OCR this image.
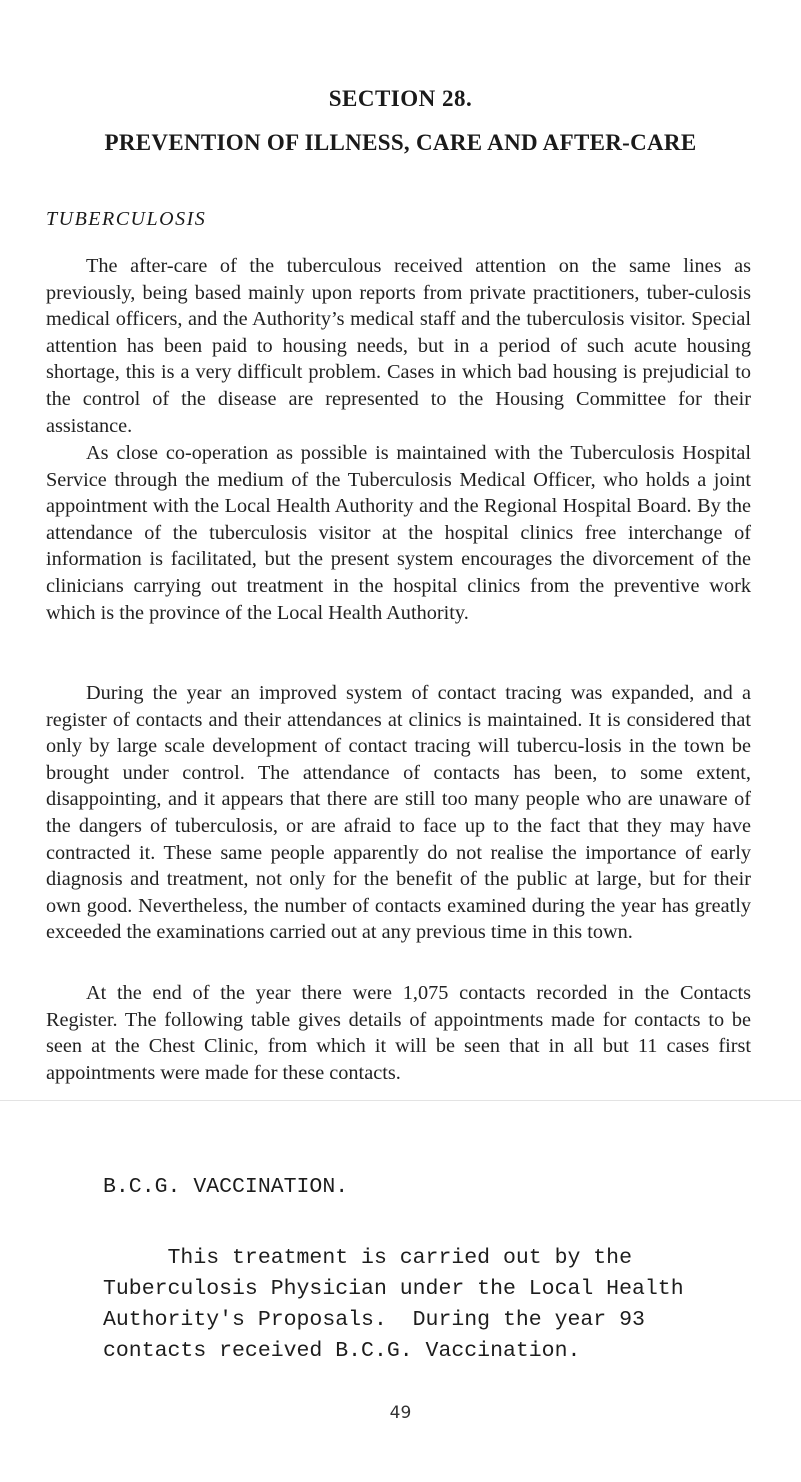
SECTION 28.
PREVENTION OF ILLNESS, CARE AND AFTER-CARE
TUBERCULOSIS

The after-care of the tuberculous received attention on the same lines as previously, being based mainly upon reports from private practitioners, tuber-culosis medical officers, and the Authority’s medical staff and the tuberculosis visitor. Special attention has been paid to housing needs, but in a period of such acute housing shortage, this is a very difficult problem. Cases in which bad housing is prejudicial to the control of the disease are represented to the Housing Committee for their assistance.

As close co-operation as possible is maintained with the Tuberculosis Hospital Service through the medium of the Tuberculosis Medical Officer, who holds a joint appointment with the Local Health Authority and the Regional Hospital Board. By the attendance of the tuberculosis visitor at the hospital clinics free interchange of information is facilitated, but the present system encourages the divorcement of the clinicians carrying out treatment in the hospital clinics from the preventive work which is the province of the Local Health Authority.

During the year an improved system of contact tracing was expanded, and a register of contacts and their attendances at clinics is maintained. It is considered that only by large scale development of contact tracing will tubercu-losis in the town be brought under control. The attendance of contacts has been, to some extent, disappointing, and it appears that there are still too many people who are unaware of the dangers of tuberculosis, or are afraid to face up to the fact that they may have contracted it. These same people apparently do not realise the importance of early diagnosis and treatment, not only for the benefit of the public at large, but for their own good. Nevertheless, the number of contacts examined during the year has greatly exceeded the examinations carried out at any previous time in this town.

At the end of the year there were 1,075 contacts recorded in the Contacts Register. The following table gives details of appointments made for contacts to be seen at the Chest Clinic, from which it will be seen that in all but 11 cases first appointments were made for these contacts.

B.C.G. VACCINATION.
This treatment is carried out by the
Tuberculosis Physician under the Local Health
Authority's Proposals.  During the year 93
contacts received B.C.G. Vaccination.
49
